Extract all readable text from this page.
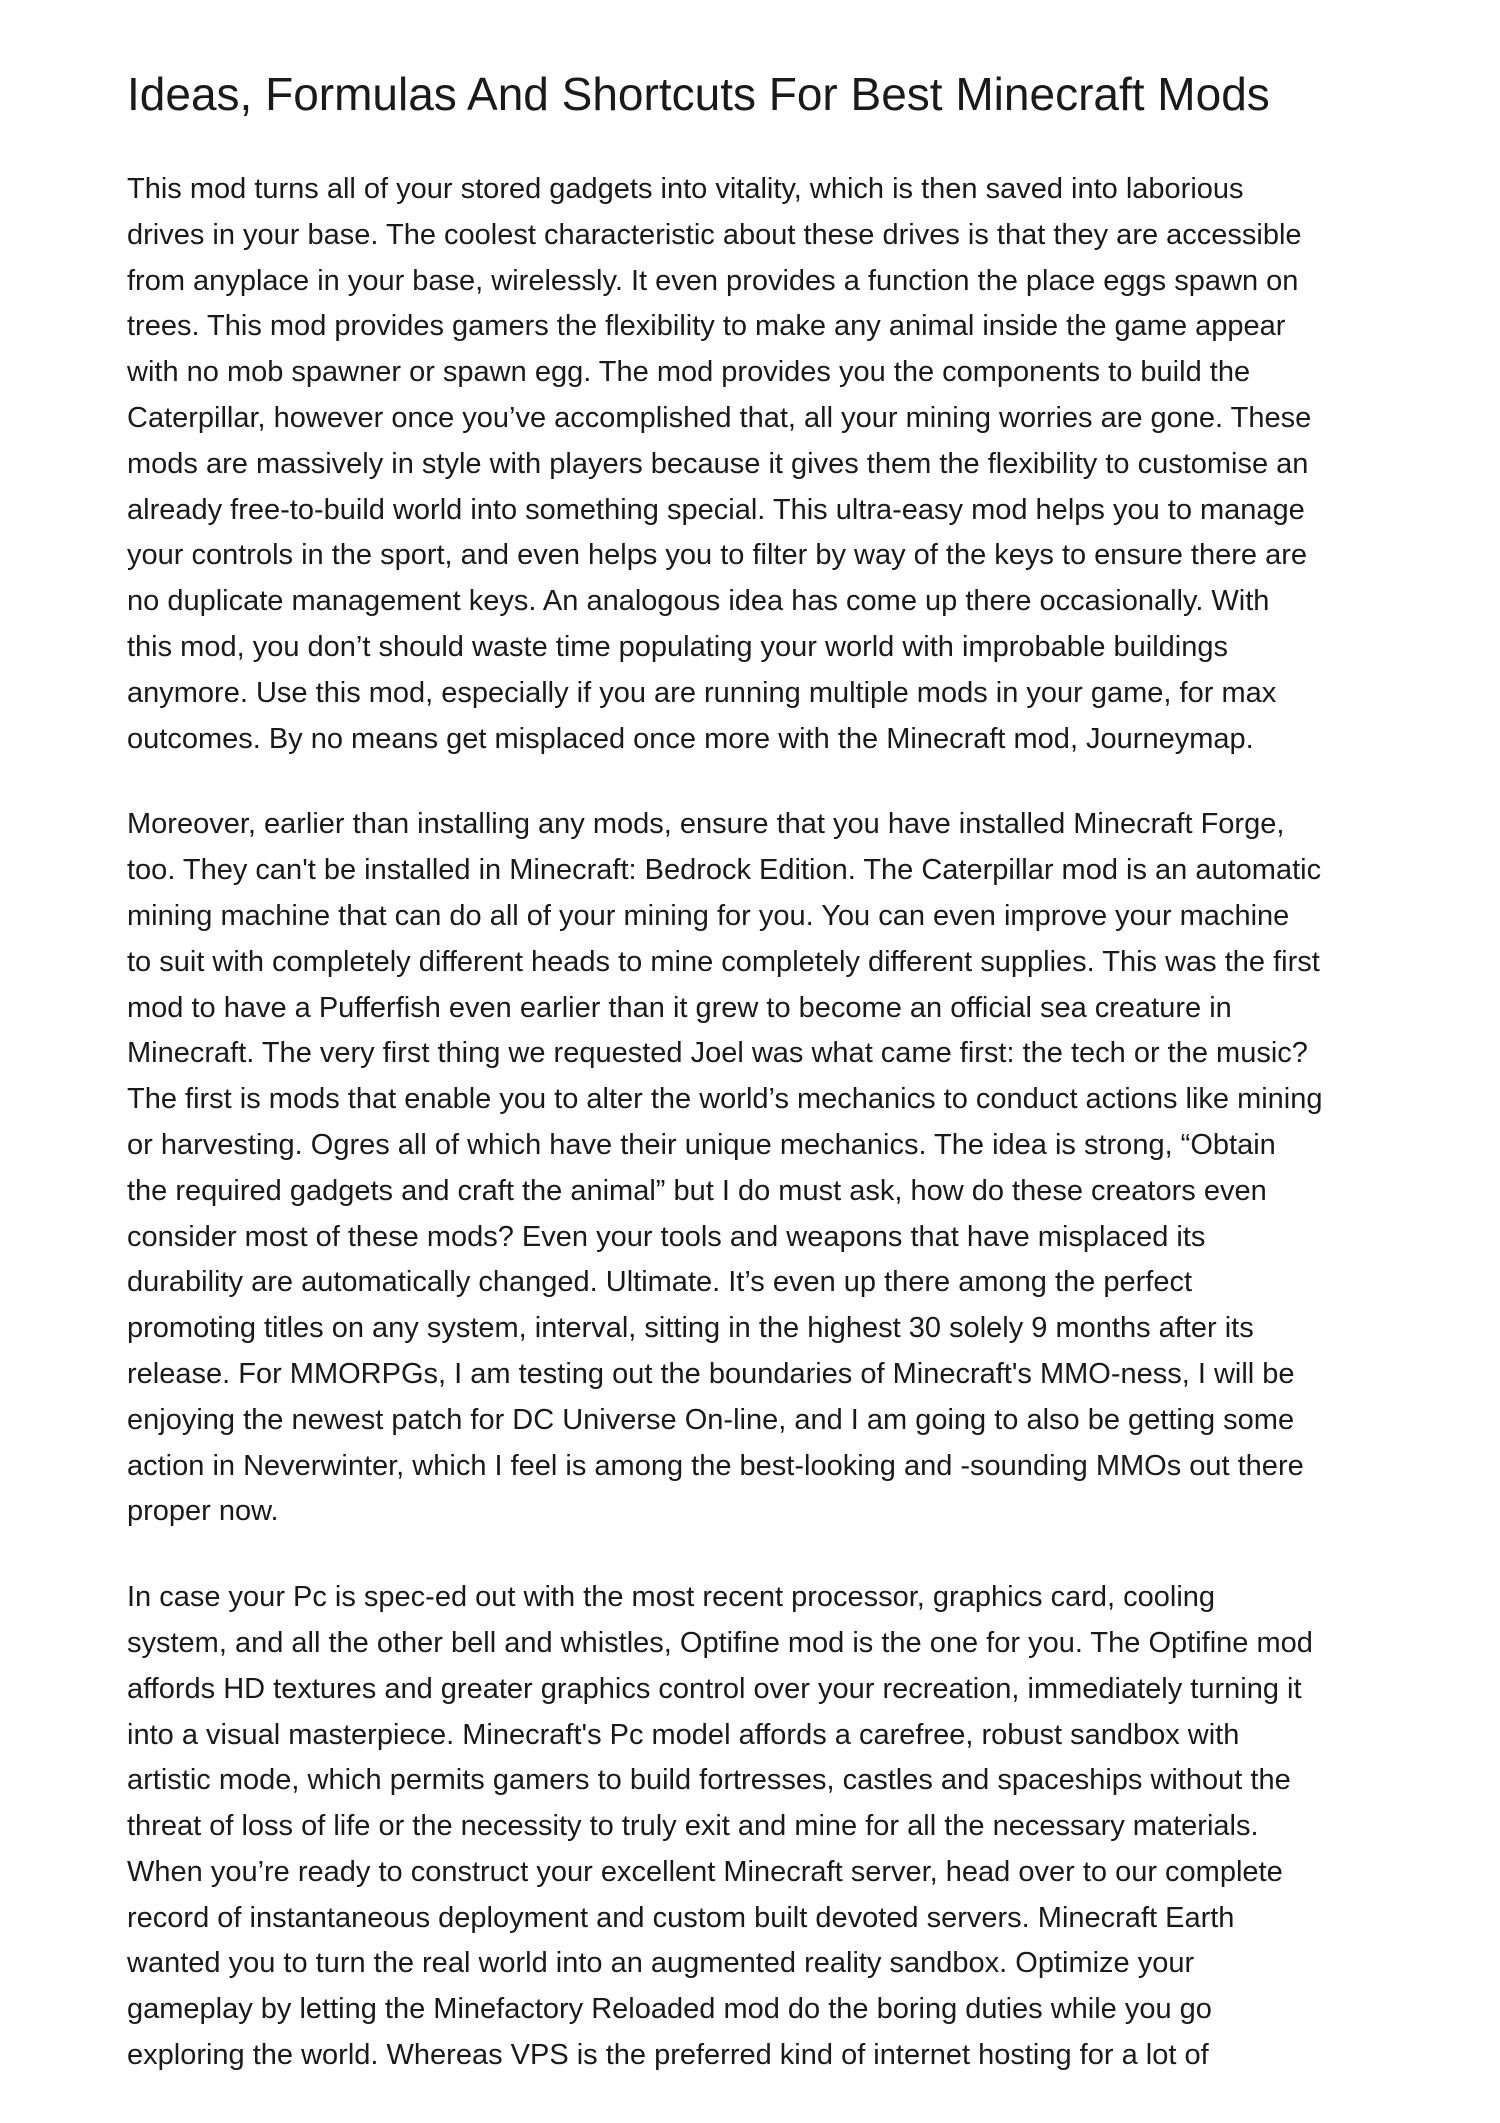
Ideas, Formulas And Shortcuts For Best Minecraft Mods

This mod turns all of your stored gadgets into vitality, which is then saved into laborious
drives in your base. The coolest characteristic about these drives is that they are accessible
from anyplace in your base, wirelessly. It even provides a function the place eggs spawn on
trees. This mod provides gamers the flexibility to make any animal inside the game appear
with no mob spawner or spawn egg. The mod provides you the components to build the
Caterpillar, however once you’ve accomplished that, all your mining worries are gone. These
mods are massively in style with players because it gives them the flexibility to customise an
already free-to-build world into something special. This ultra-easy mod helps you to manage
your controls in the sport, and even helps you to filter by way of the keys to ensure there are
no duplicate management keys. An analogous idea has come up there occasionally. With
this mod, you don’t should waste time populating your world with improbable buildings
anymore. Use this mod, especially if you are running multiple mods in your game, for max
outcomes. By no means get misplaced once more with the Minecraft mod, Journeymap.

Moreover, earlier than installing any mods, ensure that you have installed Minecraft Forge,
too. They can't be installed in Minecraft: Bedrock Edition. The Caterpillar mod is an automatic
mining machine that can do all of your mining for you. You can even improve your machine
to suit with completely different heads to mine completely different supplies. This was the first
mod to have a Pufferfish even earlier than it grew to become an official sea creature in
Minecraft. The very first thing we requested Joel was what came first: the tech or the music?
The first is mods that enable you to alter the world’s mechanics to conduct actions like mining
or harvesting. Ogres all of which have their unique mechanics. The idea is strong, “Obtain
the required gadgets and craft the animal” but I do must ask, how do these creators even
consider most of these mods? Even your tools and weapons that have misplaced its
durability are automatically changed. Ultimate. It’s even up there among the perfect
promoting titles on any system, interval, sitting in the highest 30 solely 9 months after its
release. For MMORPGs, I am testing out the boundaries of Minecraft's MMO-ness, I will be
enjoying the newest patch for DC Universe On-line, and I am going to also be getting some
action in Neverwinter, which I feel is among the best-looking and -sounding MMOs out there
proper now.

In case your Pc is spec-ed out with the most recent processor, graphics card, cooling
system, and all the other bell and whistles, Optifine mod is the one for you. The Optifine mod
affords HD textures and greater graphics control over your recreation, immediately turning it
into a visual masterpiece. Minecraft's Pc model affords a carefree, robust sandbox with
artistic mode, which permits gamers to build fortresses, castles and spaceships without the
threat of loss of life or the necessity to truly exit and mine for all the necessary materials.
When you’re ready to construct your excellent Minecraft server, head over to our complete
record of instantaneous deployment and custom built devoted servers. Minecraft Earth
wanted you to turn the real world into an augmented reality sandbox. Optimize your
gameplay by letting the Minefactory Reloaded mod do the boring duties while you go
exploring the world. Whereas VPS is the preferred kind of internet hosting for a lot of
